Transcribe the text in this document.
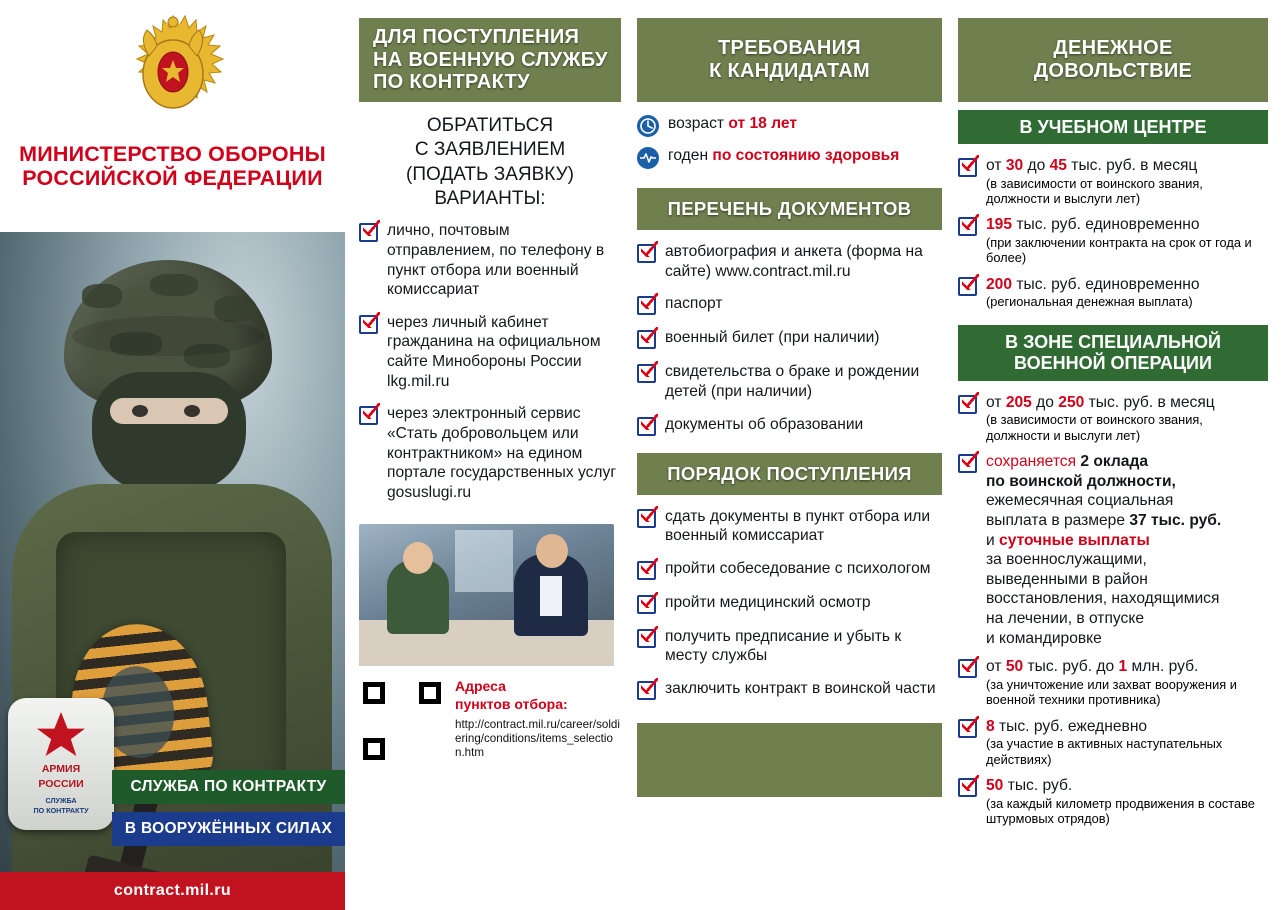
МИНИСТЕРСТВО ОБОРОНЫ
РОССИЙСКОЙ ФЕДЕРАЦИИ
АРМИЯ
РОССИИ
СЛУЖБА
ПО КОНТРАКТУ
СЛУЖБА ПО КОНТРАКТУ
В ВООРУЖЁННЫХ СИЛАХ
contract.mil.ru
ДЛЯ ПОСТУПЛЕНИЯ
НА ВОЕННУЮ СЛУЖБУ
ПО КОНТРАКТУ
ОБРАТИТЬСЯ
С ЗАЯВЛЕНИЕМ
(ПОДАТЬ ЗАЯВКУ)
ВАРИАНТЫ:
лично, почтовым отправлением, по телефону в пункт отбора или военный комиссариат
через личный кабинет гражданина на официальном сайте Минобороны России lkg.mil.ru
через электронный сервис «Стать добровольцем или контрактником» на едином портале государственных услуг gosuslugi.ru
Адреса
пунктов отбора:
http://contract.mil.ru/career/soldiering/conditions/items_selection.htm
ТРЕБОВАНИЯ
К КАНДИДАТАМ
возраст от 18 лет
годен по состоянию здоровья
ПЕРЕЧЕНЬ ДОКУМЕНТОВ
автобиография и анкета (форма на сайте) www.contract.mil.ru
паспорт
военный билет (при наличии)
свидетельства о браке и рождении детей (при наличии)
документы об образовании
ПОРЯДОК ПОСТУПЛЕНИЯ
сдать документы в пункт отбора или военный комиссариат
пройти собеседование с психологом
пройти медицинский осмотр
получить предписание и убыть к месту службы
заключить контракт в воинской части
ДЕНЕЖНОЕ
ДОВОЛЬСТВИЕ
В УЧЕБНОМ ЦЕНТРЕ
от 30 до 45 тыс. руб. в месяц
(в зависимости от воинского звания, должности и выслуги лет)
195 тыс. руб. единовременно
(при заключении контракта на срок от года и более)
200 тыс. руб. единовременно
(региональная денежная выплата)
В ЗОНЕ СПЕЦИАЛЬНОЙ
ВОЕННОЙ ОПЕРАЦИИ
от 205 до 250 тыс. руб. в месяц
(в зависимости от воинского звания, должности и выслуги лет)
сохраняется 2 оклада
по воинской должности,
ежемесячная социальная
выплата в размере 37 тыс. руб.
и суточные выплаты
за военнослужащими,
выведенными в район
восстановления, находящимися
на лечении, в отпуске
и командировке
от 50 тыс. руб. до 1 млн. руб.
(за уничтожение или захват вооружения и военной техники противника)
8 тыс. руб. ежедневно
(за участие в активных наступательных действиях)
50 тыс. руб.
(за каждый километр продвижения в составе штурмовых отрядов)
